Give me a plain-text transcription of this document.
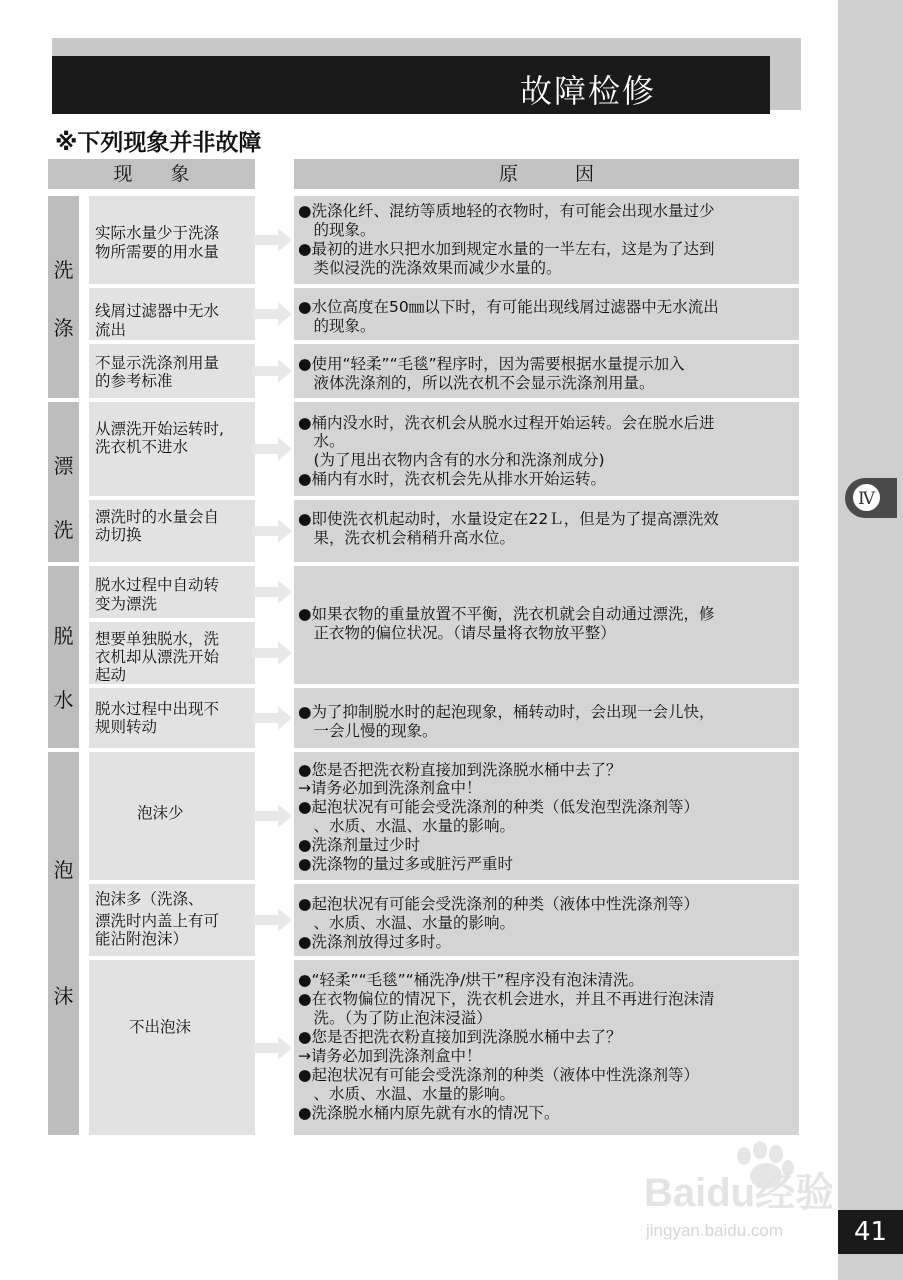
Ⅳ
41
故障检修
※下列现象并非故障
现　　象	原　　　因
洗
涤
漂
洗
脱
水
泡
沫
实际水量少于洗涤
物所需要的用水量
线屑过滤器中无水
流出
不显示洗涤剂用量
的参考标准
从漂洗开始运转时,
洗衣机不进水
漂洗时的水量会自
动切换
脱水过程中自动转
变为漂洗
想要单独脱水，洗
衣机却从漂洗开始
起动
脱水过程中出现不
规则转动
泡沫少
泡沫多（洗涤、
漂洗时内盖上有可
能沾附泡沫）
不出泡沫
●洗涤化纤、混纺等质地轻的衣物时，有可能会出现水量过少
　的现象。
●最初的进水只把水加到规定水量的一半左右，这是为了达到
　类似浸洗的洗涤效果而减少水量的。
●水位高度在50㎜以下时，有可能出现线屑过滤器中无水流出
　的现象。
●使用“轻柔”“毛毯”程序时，因为需要根据水量提示加入
　液体洗涤剂的，所以洗衣机不会显示洗涤剂用量。
●桶内没水时，洗衣机会从脱水过程开始运转。会在脱水后进
　水。
　(为了甩出衣物内含有的水分和洗涤剂成分)
●桶内有水时，洗衣机会先从排水开始运转。
●即使洗衣机起动时，水量设定在22Ｌ，但是为了提高漂洗效
　果，洗衣机会稍稍升高水位。
●如果衣物的重量放置不平衡，洗衣机就会自动通过漂洗，修
　正衣物的偏位状况。（请尽量将衣物放平整）
●为了抑制脱水时的起泡现象，桶转动时，会出现一会儿快，
　一会儿慢的现象。
●您是否把洗衣粉直接加到洗涤脱水桶中去了？
→请务必加到洗涤剂盒中！
●起泡状况有可能会受洗涤剂的种类（低发泡型洗涤剂等）
　、水质、水温、水量的影响。
●洗涤剂量过少时
●洗涤物的量过多或脏污严重时
●起泡状况有可能会受洗涤剂的种类（液体中性洗涤剂等）
　、水质、水温、水量的影响。
●洗涤剂放得过多时。
●“轻柔”“毛毯”“桶洗净/烘干”程序没有泡沫清洗。
●在衣物偏位的情况下，洗衣机会进水，并且不再进行泡沫清
　洗。（为了防止泡沫浸溢）
●您是否把洗衣粉直接加到洗涤脱水桶中去了？
→请务必加到洗涤剂盒中！
●起泡状况有可能会受洗涤剂的种类（液体中性洗涤剂等）
　、水质、水温、水量的影响。
●洗涤脱水桶内原先就有水的情况下。
Baidu经验
jingyan.baidu.com
